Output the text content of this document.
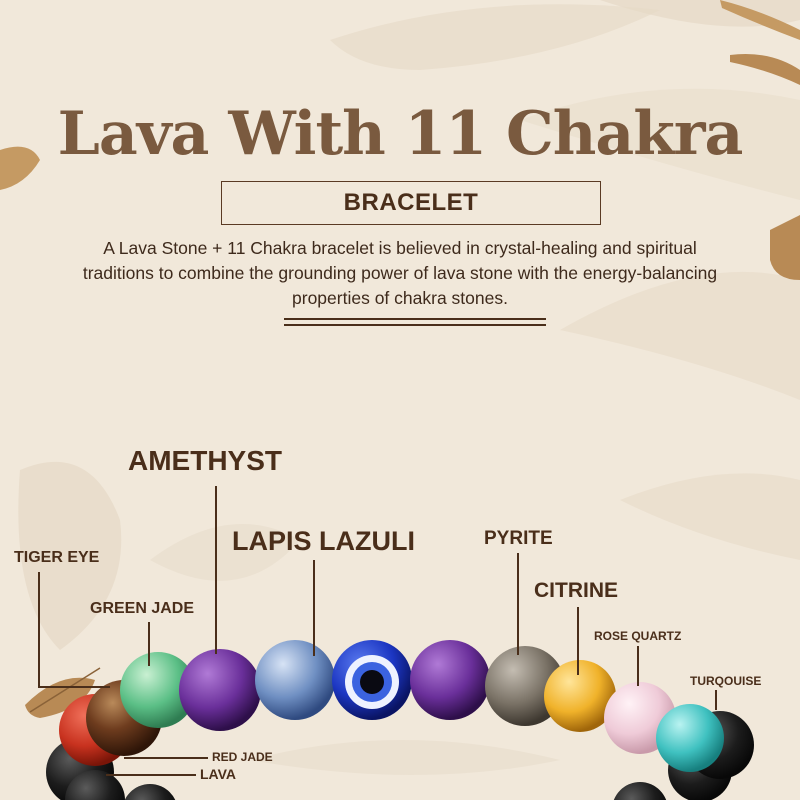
Lava With 11 Chakra
BRACELET
A Lava Stone + 11 Chakra bracelet is believed in crystal-healing and spiritual traditions to combine the grounding power of lava stone with the energy-balancing properties of chakra stones.
AMETHYST
LAPIS LAZULI	PYRITE
CITRINE
TIGER EYE
GREEN JADE
ROSE QUARTZ
TURQOUISE
RED JADE
LAVA
